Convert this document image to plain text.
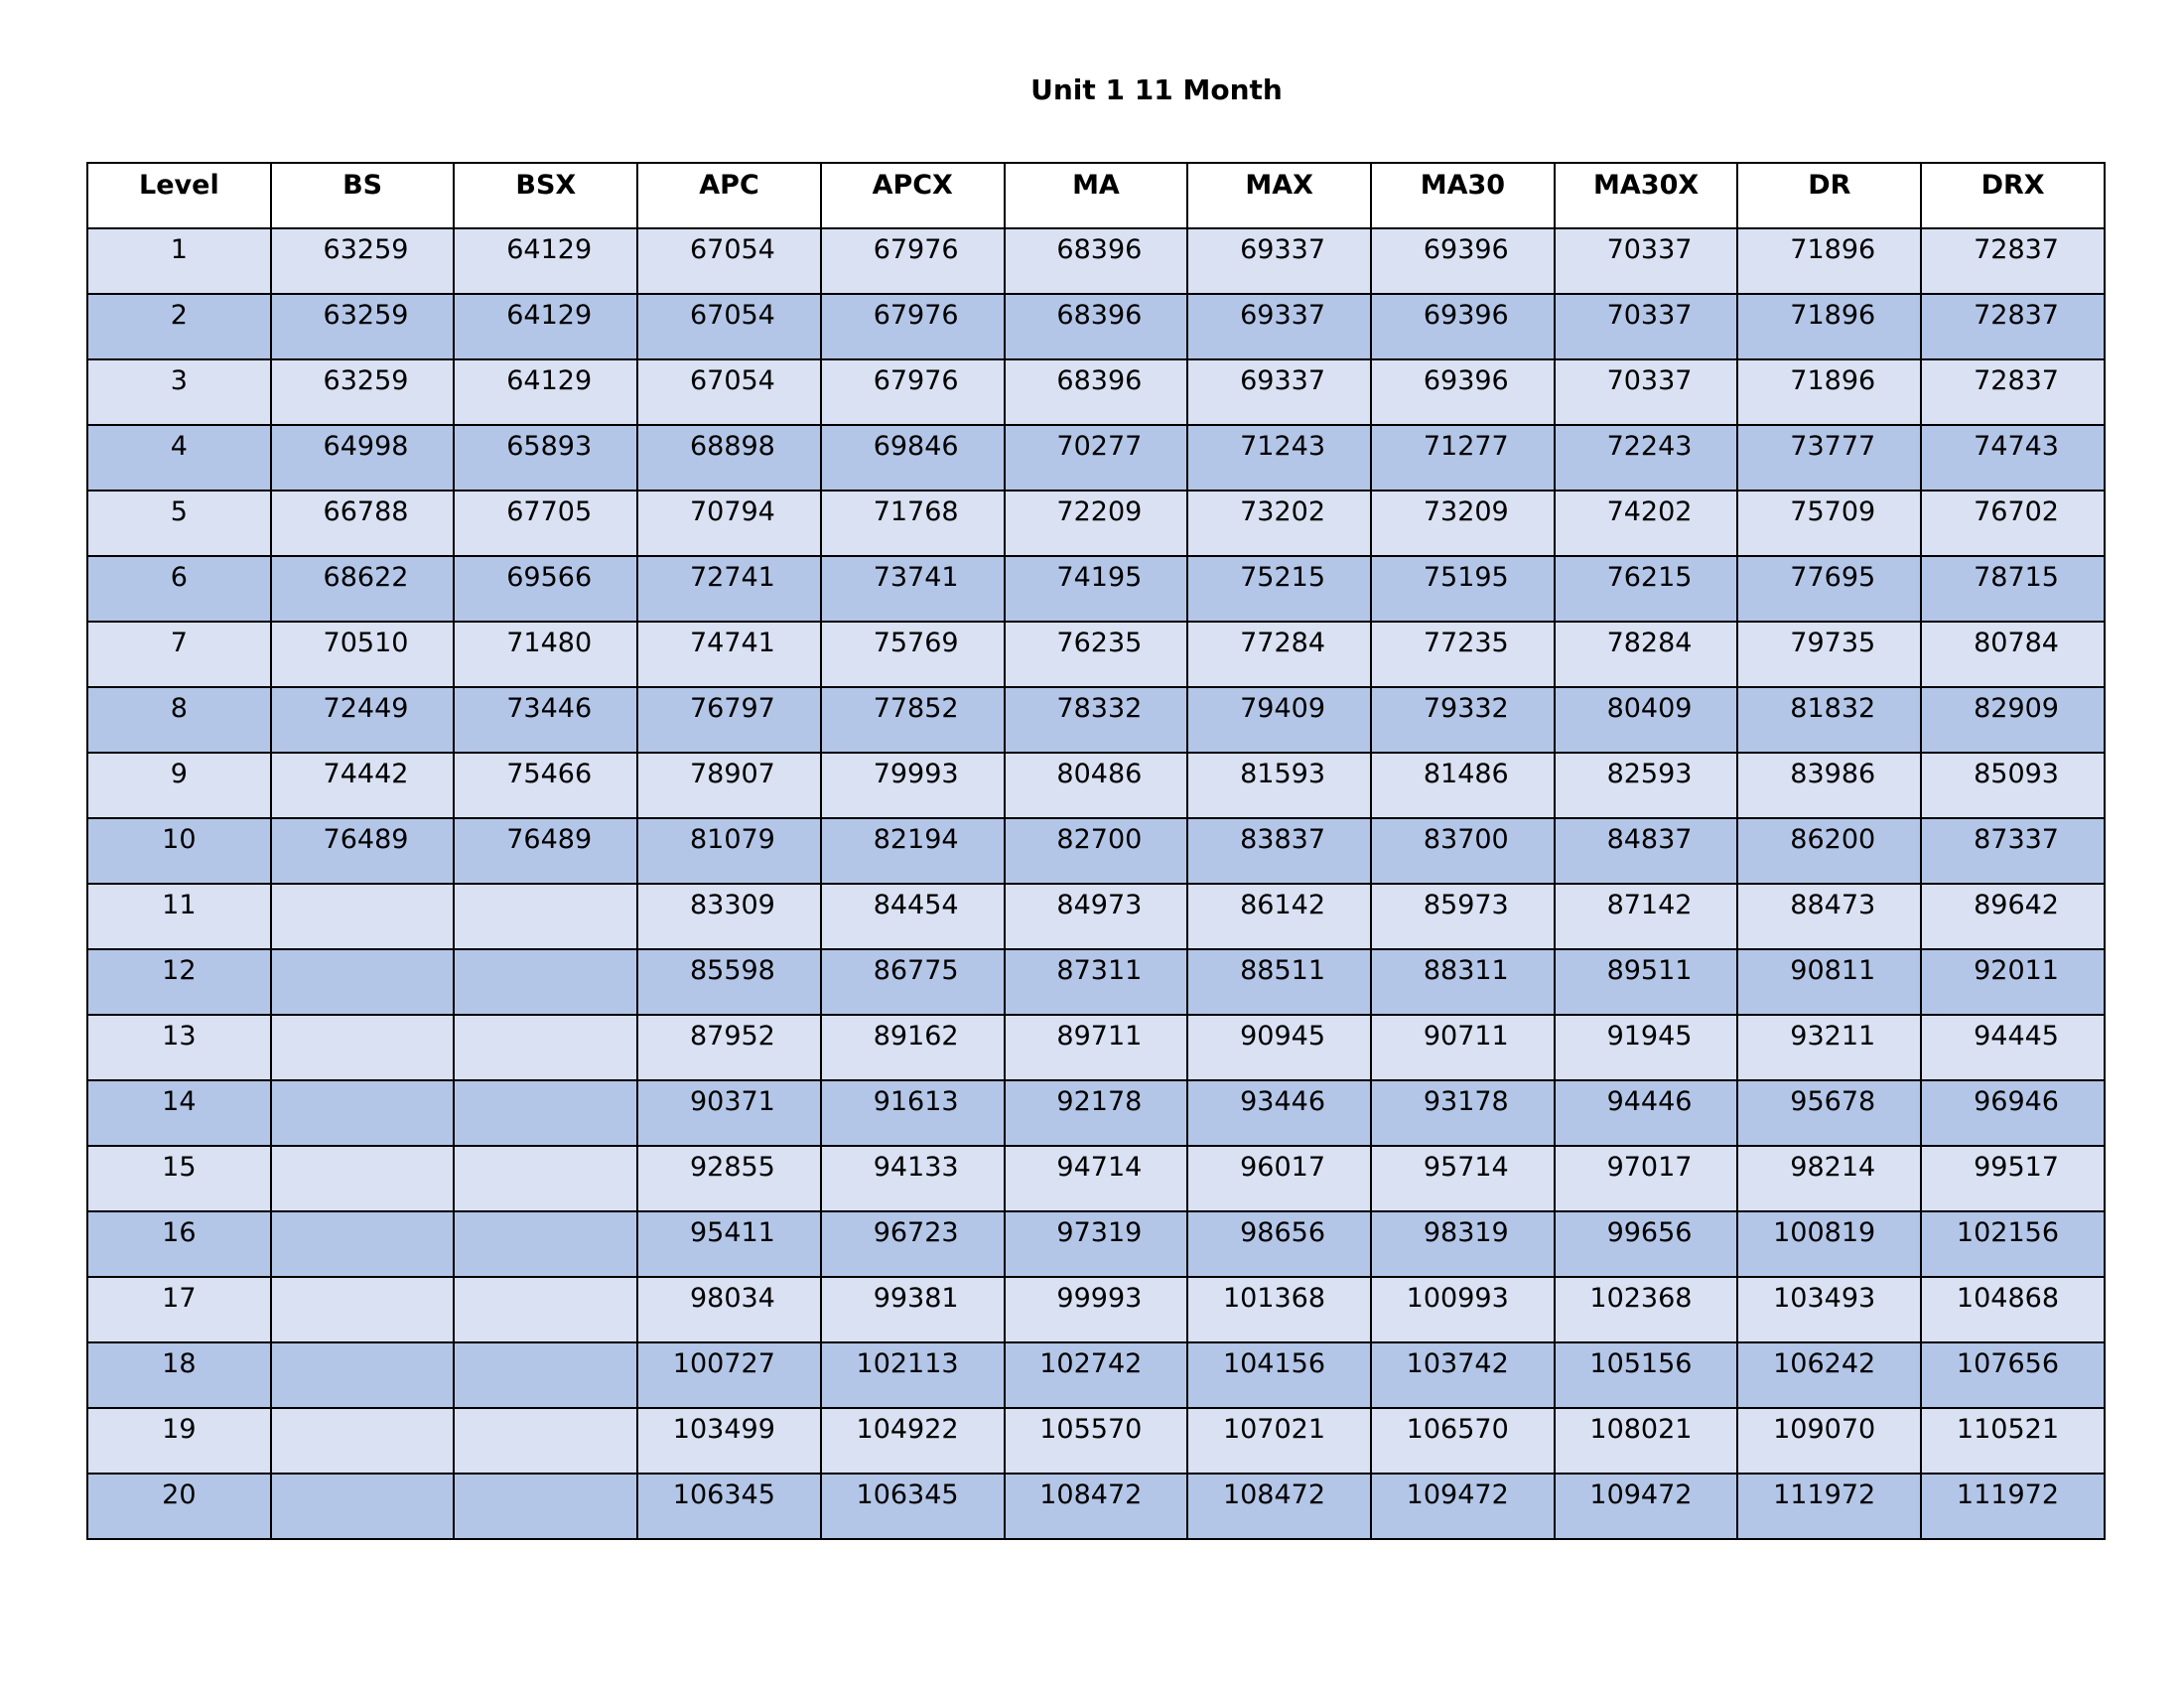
Unit 1 11 Month
Level	BS	BSX	APC	APCX	MA	MAX	MA30	MA30X	DR	DRX
1	63259	64129	67054	67976	68396	69337	69396	70337	71896	72837
2	63259	64129	67054	67976	68396	69337	69396	70337	71896	72837
3	63259	64129	67054	67976	68396	69337	69396	70337	71896	72837
4	64998	65893	68898	69846	70277	71243	71277	72243	73777	74743
5	66788	67705	70794	71768	72209	73202	73209	74202	75709	76702
6	68622	69566	72741	73741	74195	75215	75195	76215	77695	78715
7	70510	71480	74741	75769	76235	77284	77235	78284	79735	80784
8	72449	73446	76797	77852	78332	79409	79332	80409	81832	82909
9	74442	75466	78907	79993	80486	81593	81486	82593	83986	85093
10	76489	76489	81079	82194	82700	83837	83700	84837	86200	87337
11			83309	84454	84973	86142	85973	87142	88473	89642
12			85598	86775	87311	88511	88311	89511	90811	92011
13			87952	89162	89711	90945	90711	91945	93211	94445
14			90371	91613	92178	93446	93178	94446	95678	96946
15			92855	94133	94714	96017	95714	97017	98214	99517
16			95411	96723	97319	98656	98319	99656	100819	102156
17			98034	99381	99993	101368	100993	102368	103493	104868
18			100727	102113	102742	104156	103742	105156	106242	107656
19			103499	104922	105570	107021	106570	108021	109070	110521
20			106345	106345	108472	108472	109472	109472	111972	111972
